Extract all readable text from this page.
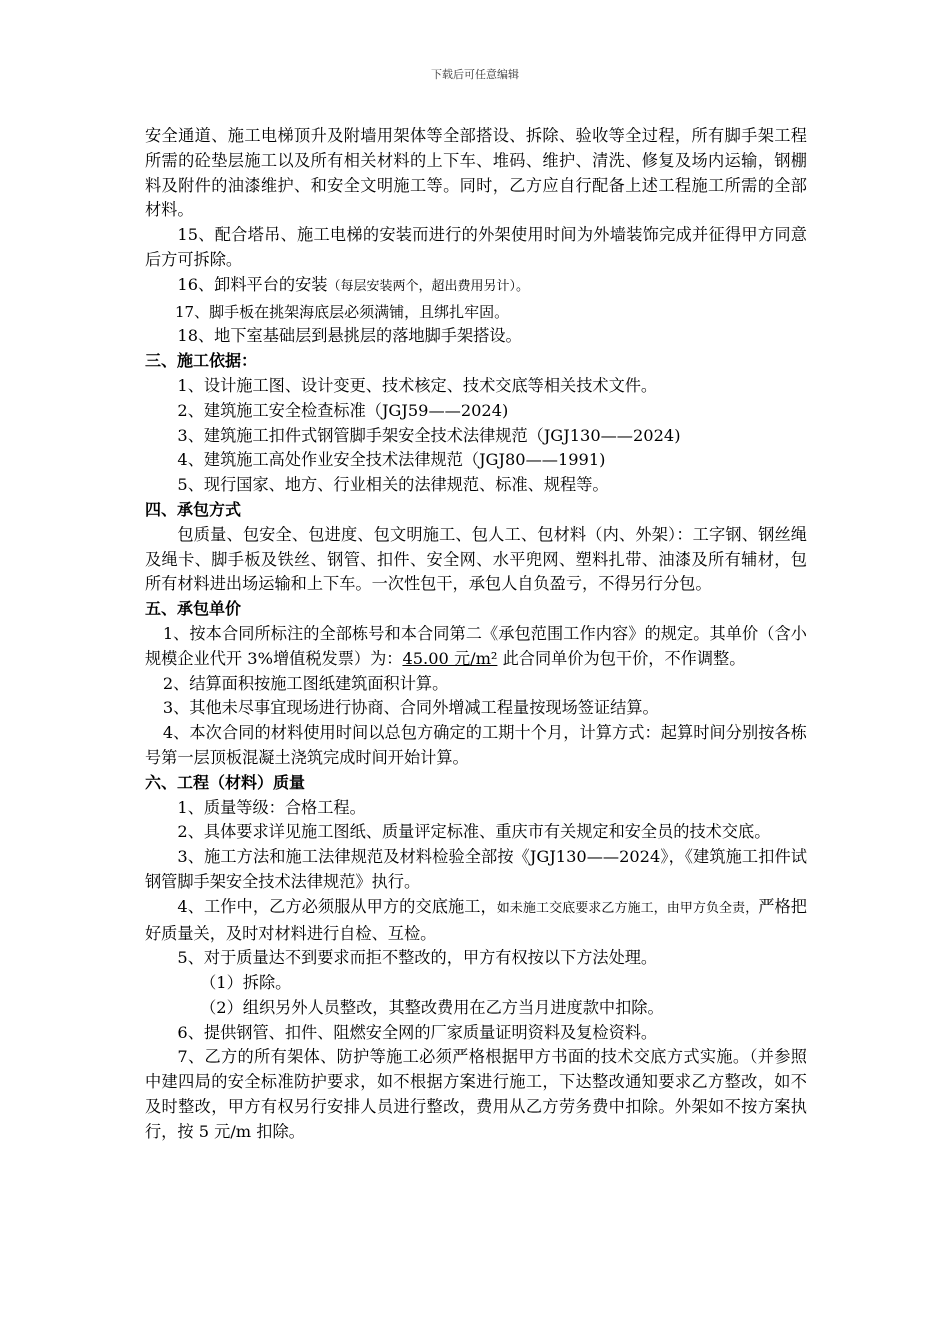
下载后可任意编辑

安全通道、施工电梯顶升及附墙用架体等全部搭设、拆除、验收等全过程，所有脚手架工程所需的砼垫层施工以及所有相关材料的上下车、堆码、维护、清洗、修复及场内运输，钢棚料及附件的油漆维护、和安全文明施工等。同时，乙方应自行配备上述工程施工所需的全部材料。

15、配合塔吊、施工电梯的安装而进行的外架使用时间为外墙装饰完成并征得甲方同意后方可拆除。

16、卸料平台的安装（每层安装两个，超出费用另计）。

17、脚手板在挑架海底层必须满铺，且绑扎牢固。

18、地下室基础层到悬挑层的落地脚手架搭设。

三、施工依据：

1、设计施工图、设计变更、技术核定、技术交底等相关技术文件。

2、建筑施工安全检查标准（JGJ59——2024)

3、建筑施工扣件式钢管脚手架安全技术法律规范（JGJ130——2024)

4、建筑施工高处作业安全技术法律规范（JGJ80——1991)

5、现行国家、地方、行业相关的法律规范、标准、规程等。

四、承包方式

包质量、包安全、包进度、包文明施工、包人工、包材料（内、外架）：工字钢、钢丝绳及绳卡、脚手板及铁丝、钢管、扣件、安全网、水平兜网、塑料扎带、油漆及所有辅材，包所有材料进出场运输和上下车。一次性包干，承包人自负盈亏，不得另行分包。

五、承包单价

1、按本合同所标注的全部栋号和本合同第二《承包范围工作内容》的规定。其单价（含小规模企业代开 3%增值税发票）为：45.00 元/m² 此合同单价为包干价，不作调整。

2、结算面积按施工图纸建筑面积计算。

3、其他未尽事宜现场进行协商、合同外增减工程量按现场签证结算。

4、本次合同的材料使用时间以总包方确定的工期十个月，计算方式：起算时间分别按各栋号第一层顶板混凝土浇筑完成时间开始计算。

六、工程（材料）质量

1、质量等级：合格工程。

2、具体要求详见施工图纸、质量评定标准、重庆市有关规定和安全员的技术交底。

3、施工方法和施工法律规范及材料检验全部按《JGJ130——2024》，《建筑施工扣件试钢管脚手架安全技术法律规范》执行。

4、工作中，乙方必须服从甲方的交底施工，如未施工交底要求乙方施工，由甲方负全责，严格把好质量关，及时对材料进行自检、互检。

5、对于质量达不到要求而拒不整改的，甲方有权按以下方法处理。

（1）拆除。

（2）组织另外人员整改，其整改费用在乙方当月进度款中扣除。

6、提供钢管、扣件、阻燃安全网的厂家质量证明资料及复检资料。

7、乙方的所有架体、防护等施工必须严格根据甲方书面的技术交底方式实施。（并参照中建四局的安全标准防护要求，如不根据方案进行施工，下达整改通知要求乙方整改，如不及时整改，甲方有权另行安排人员进行整改，费用从乙方劳务费中扣除。外架如不按方案执行，按 5 元/m 扣除。
